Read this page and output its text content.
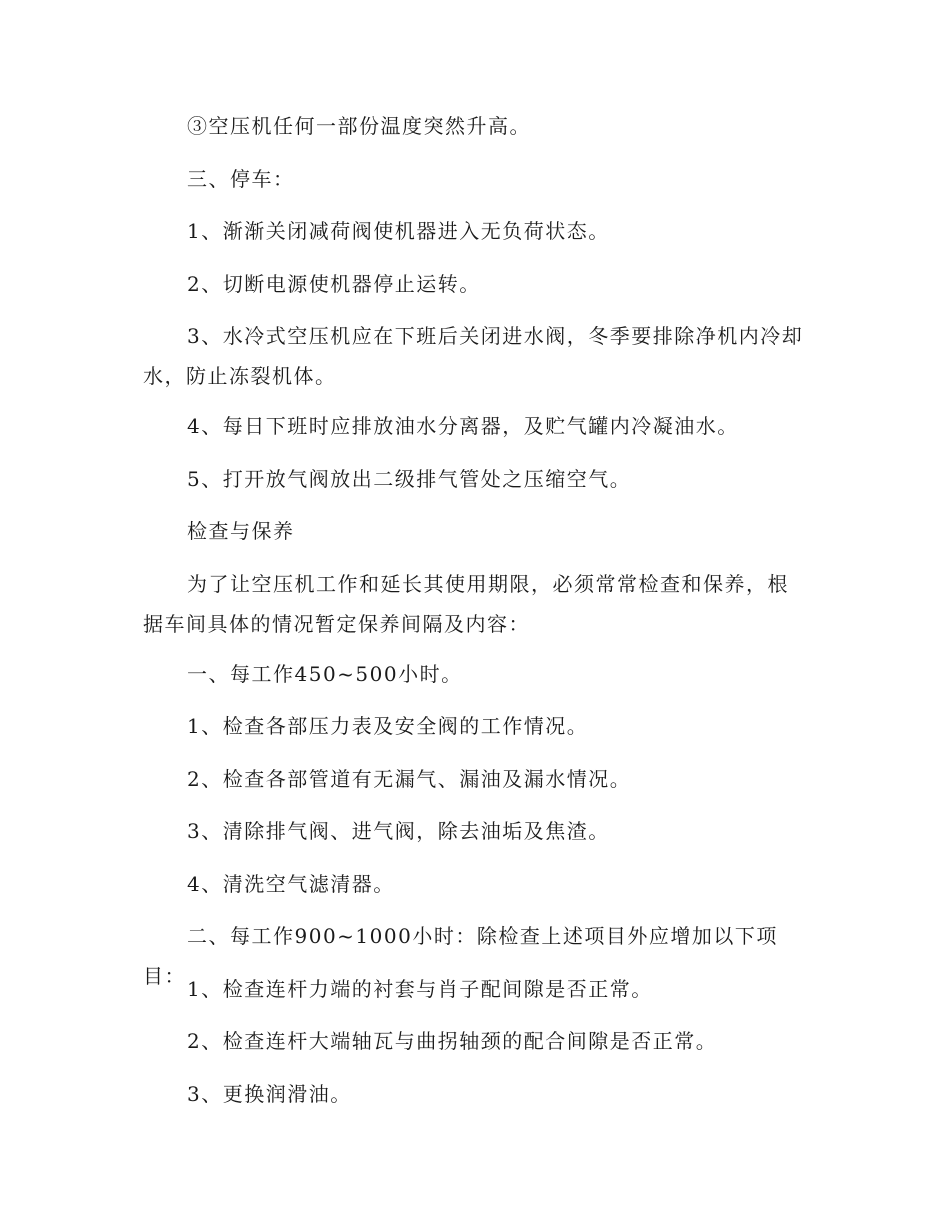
③空压机任何一部份温度突然升高。

三、停车：

1、渐渐关闭减荷阀使机器进入无负荷状态。

2、切断电源使机器停止运转。

3、水冷式空压机应在下班后关闭进水阀，冬季要排除净机内冷却水，防止冻裂机体。

4、每日下班时应排放油水分离器，及贮气罐内冷凝油水。

5、打开放气阀放出二级排气管处之压缩空气。

检查与保养

为了让空压机工作和延长其使用期限，必须常常检查和保养，根据车间具体的情况暂定保养间隔及内容：

一、每工作450~500小时。

1、检查各部压力表及安全阀的工作情况。

2、检查各部管道有无漏气、漏油及漏水情况。

3、清除排气阀、进气阀，除去油垢及焦渣。

4、清洗空气滤清器。

二、每工作900~1000小时：除检查上述项目外应增加以下项目：

1、检查连杆力端的衬套与肖子配间隙是否正常。

2、检查连杆大端轴瓦与曲拐轴颈的配合间隙是否正常。

3、更换润滑油。
